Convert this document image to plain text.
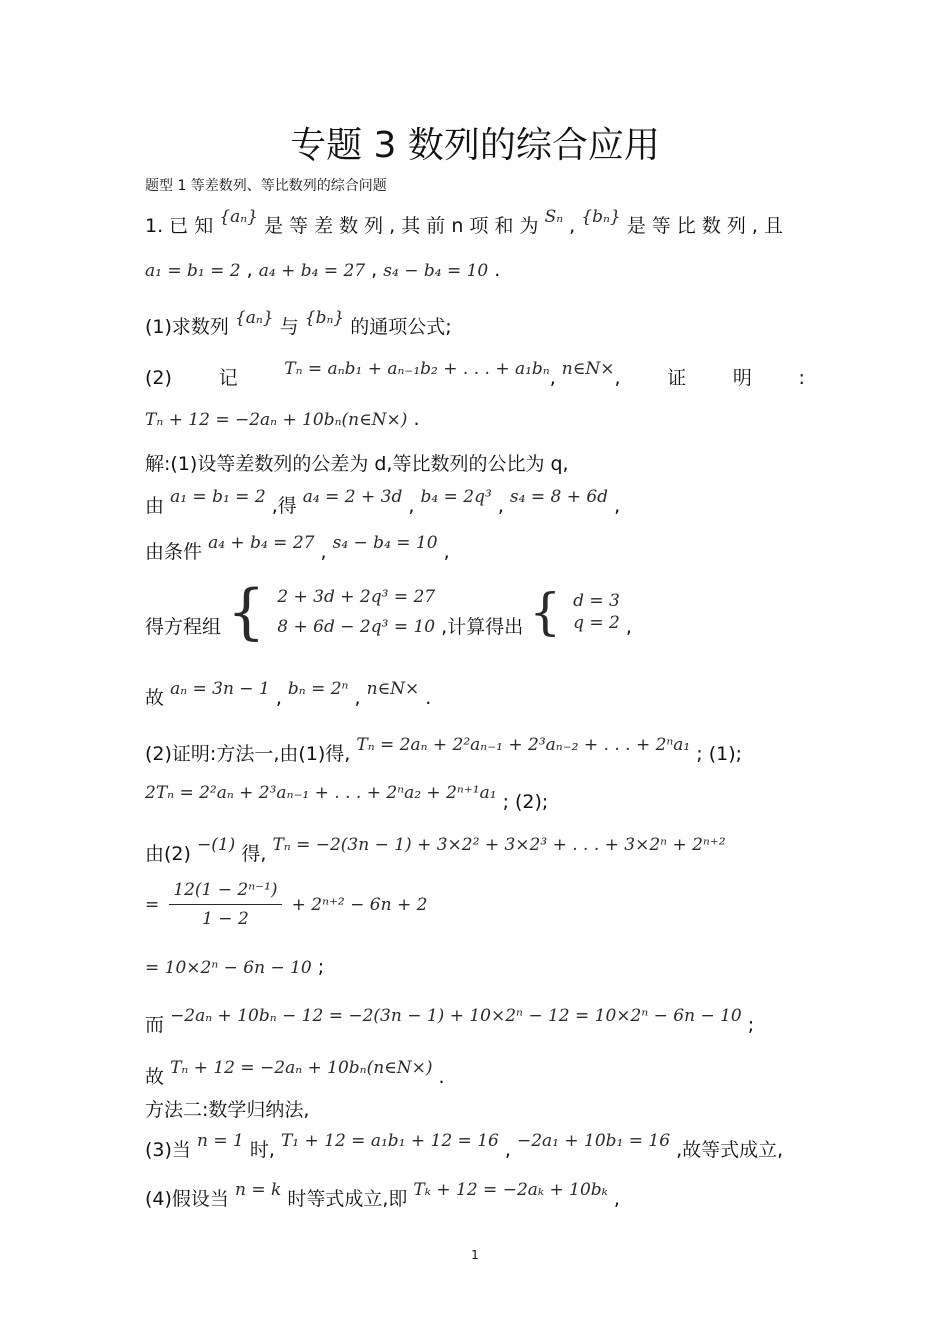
专题 3 数列的综合应用
题型 1 等差数列、等比数列的综合问题
1. 已 知 {aₙ} 是 等 差 数 列 , 其 前 n 项 和 为 Sₙ , {bₙ} 是 等 比 数 列 , 且
a₁ = b₁ = 2 , a₄ + b₄ = 27 , s₄ − b₄ = 10 .
(1)求数列 {aₙ} 与 {bₙ} 的通项公式;
(2) 记	Tₙ = aₙb₁ + aₙ₋₁b₂ + . . . + a₁bₙ, n∈N×, 证 明 :
Tₙ + 12 = −2aₙ + 10bₙ(n∈N×) .
解:(1)设等差数列的公差为 d,等比数列的公比为 q,
由 a₁ = b₁ = 2 ,得 a₄ = 2 + 3d , b₄ = 2q³ , s₄ = 8 + 6d ,
由条件 a₄ + b₄ = 27 , s₄ − b₄ = 10 ,
得方程组 { 2 + 3d + 2q³ = 27
8 + 6d − 2q³ = 10 ,计算得出 { d = 3
q = 2 ,
故 aₙ = 3n − 1 , bₙ = 2ⁿ , n∈N× .
(2)证明:方法一,由(1)得, Tₙ = 2aₙ + 2²aₙ₋₁ + 2³aₙ₋₂ + . . . + 2ⁿa₁ ; (1);
2Tₙ = 2²aₙ + 2³aₙ₋₁ + . . . + 2ⁿa₂ + 2ⁿ⁺¹a₁ ; (2);
由(2) −(1) 得, Tₙ = −2(3n − 1) + 3×2² + 3×2³ + . . . + 3×2ⁿ + 2ⁿ⁺²
= $\frac{\text{12(1 − 2ⁿ⁻¹)}}{1 - 2} + 2^{n+2} - 6n + 2$
= 10×2ⁿ − 6n − 10 ;
而 −2aₙ + 10bₙ − 12 = −2(3n − 1) + 10×2ⁿ − 12 = 10×2ⁿ − 6n − 10 ;
故 Tₙ + 12 = −2aₙ + 10bₙ(n∈N×) .
方法二:数学归纳法,
(3)当 n = 1 时, T₁ + 12 = a₁b₁ + 12 = 16 , −2a₁ + 10b₁ = 16 ,故等式成立,
(4)假设当 n = k 时等式成立,即 Tₖ + 12 = −2aₖ + 10bₖ ,
1
